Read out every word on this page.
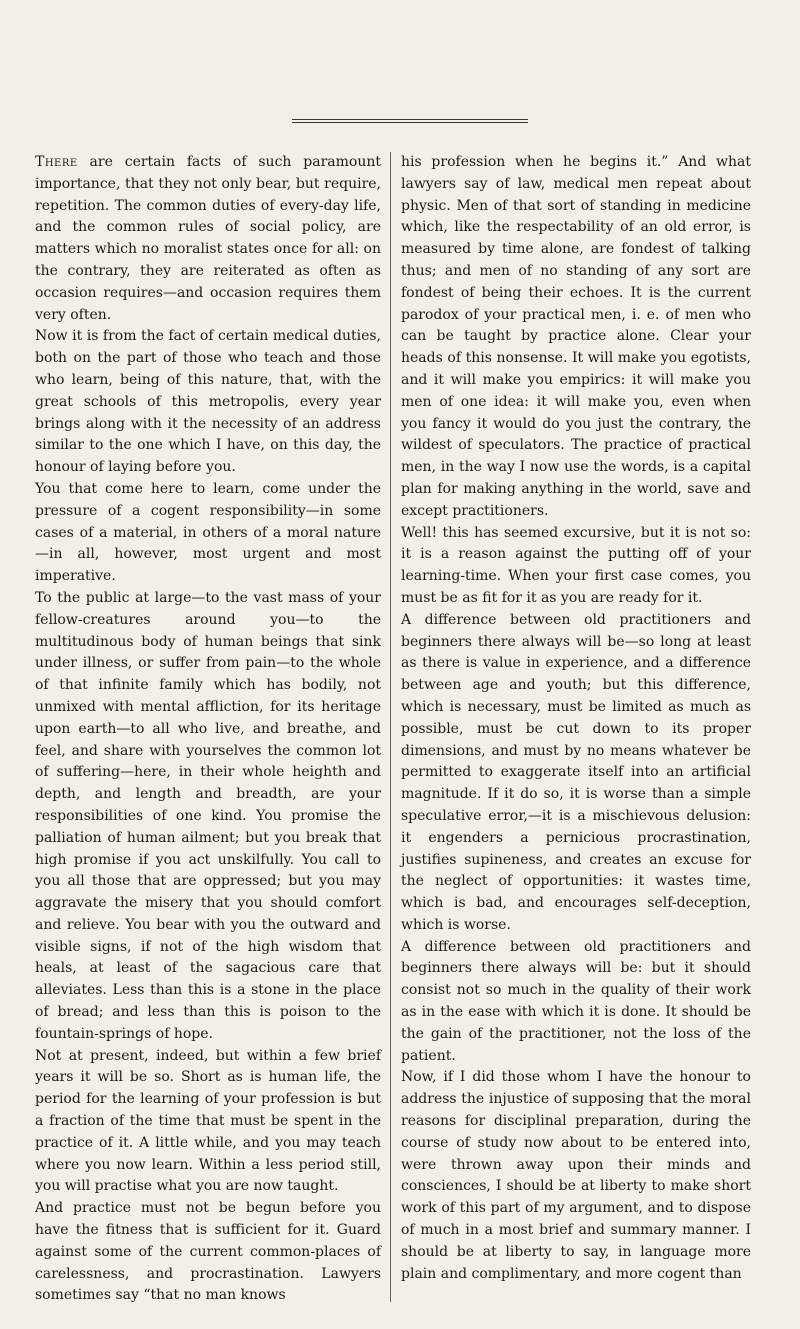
There are certain facts of such paramount importance, that they not only bear, but require, repetition. The common duties of every-day life, and the common rules of social policy, are matters which no moralist states once for all: on the contrary, they are reiterated as often as occasion requires—and occasion requires them very often.

Now it is from the fact of certain medical duties, both on the part of those who teach and those who learn, being of this nature, that, with the great schools of this metropolis, every year brings along with it the necessity of an address similar to the one which I have, on this day, the honour of laying before you.

You that come here to learn, come under the pressure of a cogent responsibility—in some cases of a material, in others of a moral nature—in all, however, most urgent and most imperative.

To the public at large—to the vast mass of your fellow-creatures around you—to the multitudinous body of human beings that sink under illness, or suffer from pain—to the whole of that infinite family which has bodily, not unmixed with mental affliction, for its heritage upon earth—to all who live, and breathe, and feel, and share with yourselves the common lot of suffering—here, in their whole heighth and depth, and length and breadth, are your responsibilities of one kind. You promise the palliation of human ailment; but you break that high promise if you act unskilfully. You call to you all those that are oppressed; but you may aggravate the misery that you should comfort and relieve. You bear with you the outward and visible signs, if not of the high wisdom that heals, at least of the sagacious care that alleviates. Less than this is a stone in the place of bread; and less than this is poison to the fountain-springs of hope.

Not at present, indeed, but within a few brief years it will be so. Short as is human life, the period for the learning of your profession is but a fraction of the time that must be spent in the practice of it. A little while, and you may teach where you now learn. Within a less period still, you will practise what you are now taught.

And practice must not be begun before you have the fitness that is sufficient for it. Guard against some of the current common-places of carelessness, and procrastination. Lawyers sometimes say “that no man knows

his profession when he begins it.” And what lawyers say of law, medical men repeat about physic. Men of that sort of standing in medicine which, like the respectability of an old error, is measured by time alone, are fondest of talking thus; and men of no standing of any sort are fondest of being their echoes. It is the current parodox of your practical men, i. e. of men who can be taught by practice alone. Clear your heads of this nonsense. It will make you egotists, and it will make you empirics: it will make you men of one idea: it will make you, even when you fancy it would do you just the contrary, the wildest of speculators. The practice of practical men, in the way I now use the words, is a capital plan for making anything in the world, save and except practitioners.

Well! this has seemed excursive, but it is not so: it is a reason against the putting off of your learning-time. When your first case comes, you must be as fit for it as you are ready for it.

A difference between old practitioners and beginners there always will be—so long at least as there is value in experience, and a difference between age and youth; but this difference, which is necessary, must be limited as much as possible, must be cut down to its proper dimensions, and must by no means whatever be permitted to exaggerate itself into an artificial magnitude. If it do so, it is worse than a simple speculative error,—it is a mischievous delusion: it engenders a pernicious procrastination, justifies supineness, and creates an excuse for the neglect of opportunities: it wastes time, which is bad, and encourages self-deception, which is worse.

A difference between old practitioners and beginners there always will be: but it should consist not so much in the quality of their work as in the ease with which it is done. It should be the gain of the practitioner, not the loss of the patient.

Now, if I did those whom I have the honour to address the injustice of supposing that the moral reasons for disciplinal preparation, during the course of study now about to be entered into, were thrown away upon their minds and consciences, I should be at liberty to make short work of this part of my argument, and to dispose of much in a most brief and summary manner. I should be at liberty to say, in language more plain and complimentary, and more cogent than
